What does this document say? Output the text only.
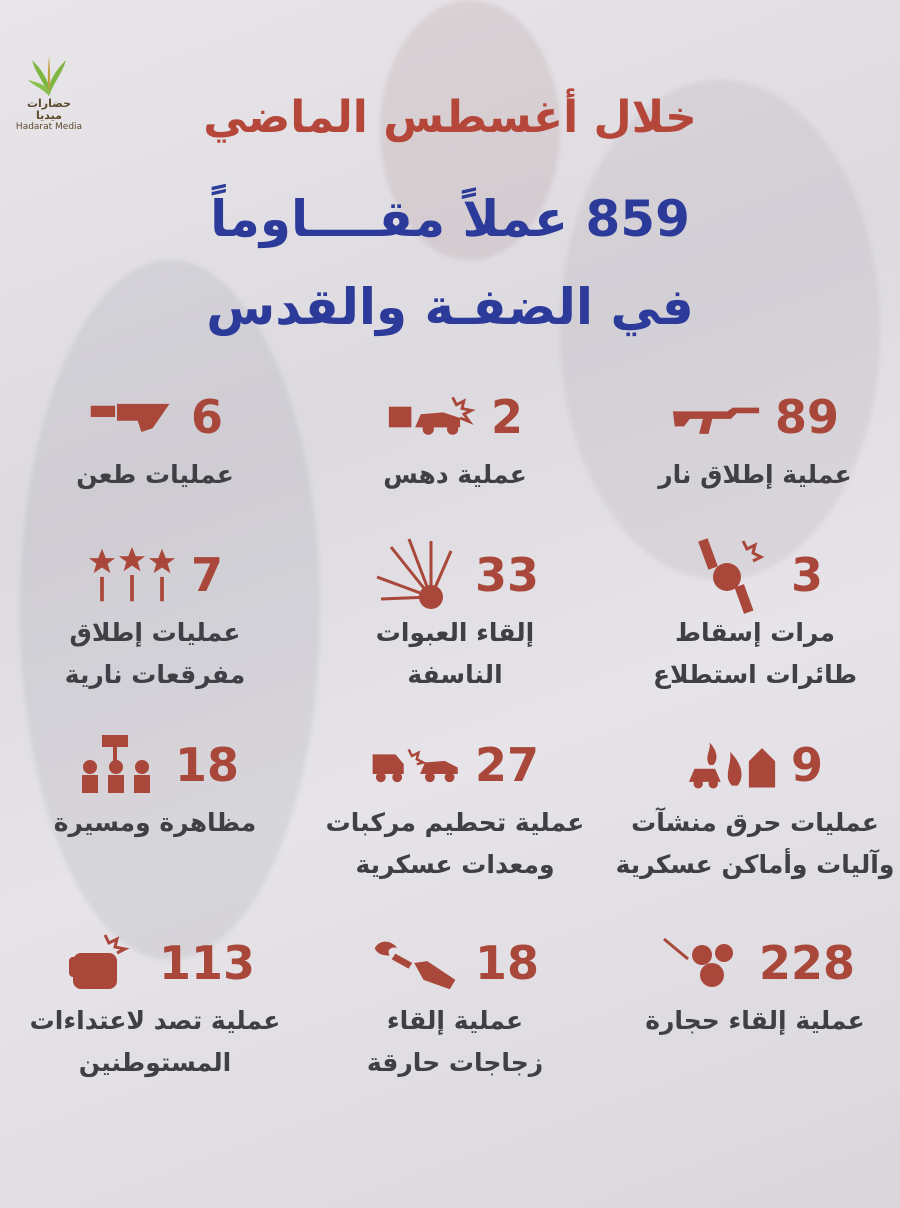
حضارات ميديا
Hadarat Media	خلال أغسطس الماضي
859 عملاً مقــــاوماً
في الضفـة والقدس
89
عملية إطلاق نار
2
عملية دهس
6
عمليات طعن
3
مرات إسقاط
طائرات استطلاع
33
إلقاء العبوات
الناسفة
7
عمليات إطلاق
مفرقعات نارية
9
عمليات حرق منشآت
وآليات وأماكن عسكرية
27
عملية تحطيم مركبات
ومعدات عسكرية
18
مظاهرة ومسيرة
228
عملية إلقاء حجارة
18
عملية إلقاء
زجاجات حارقة
113
عملية تصد لاعتداءات
المستوطنين
